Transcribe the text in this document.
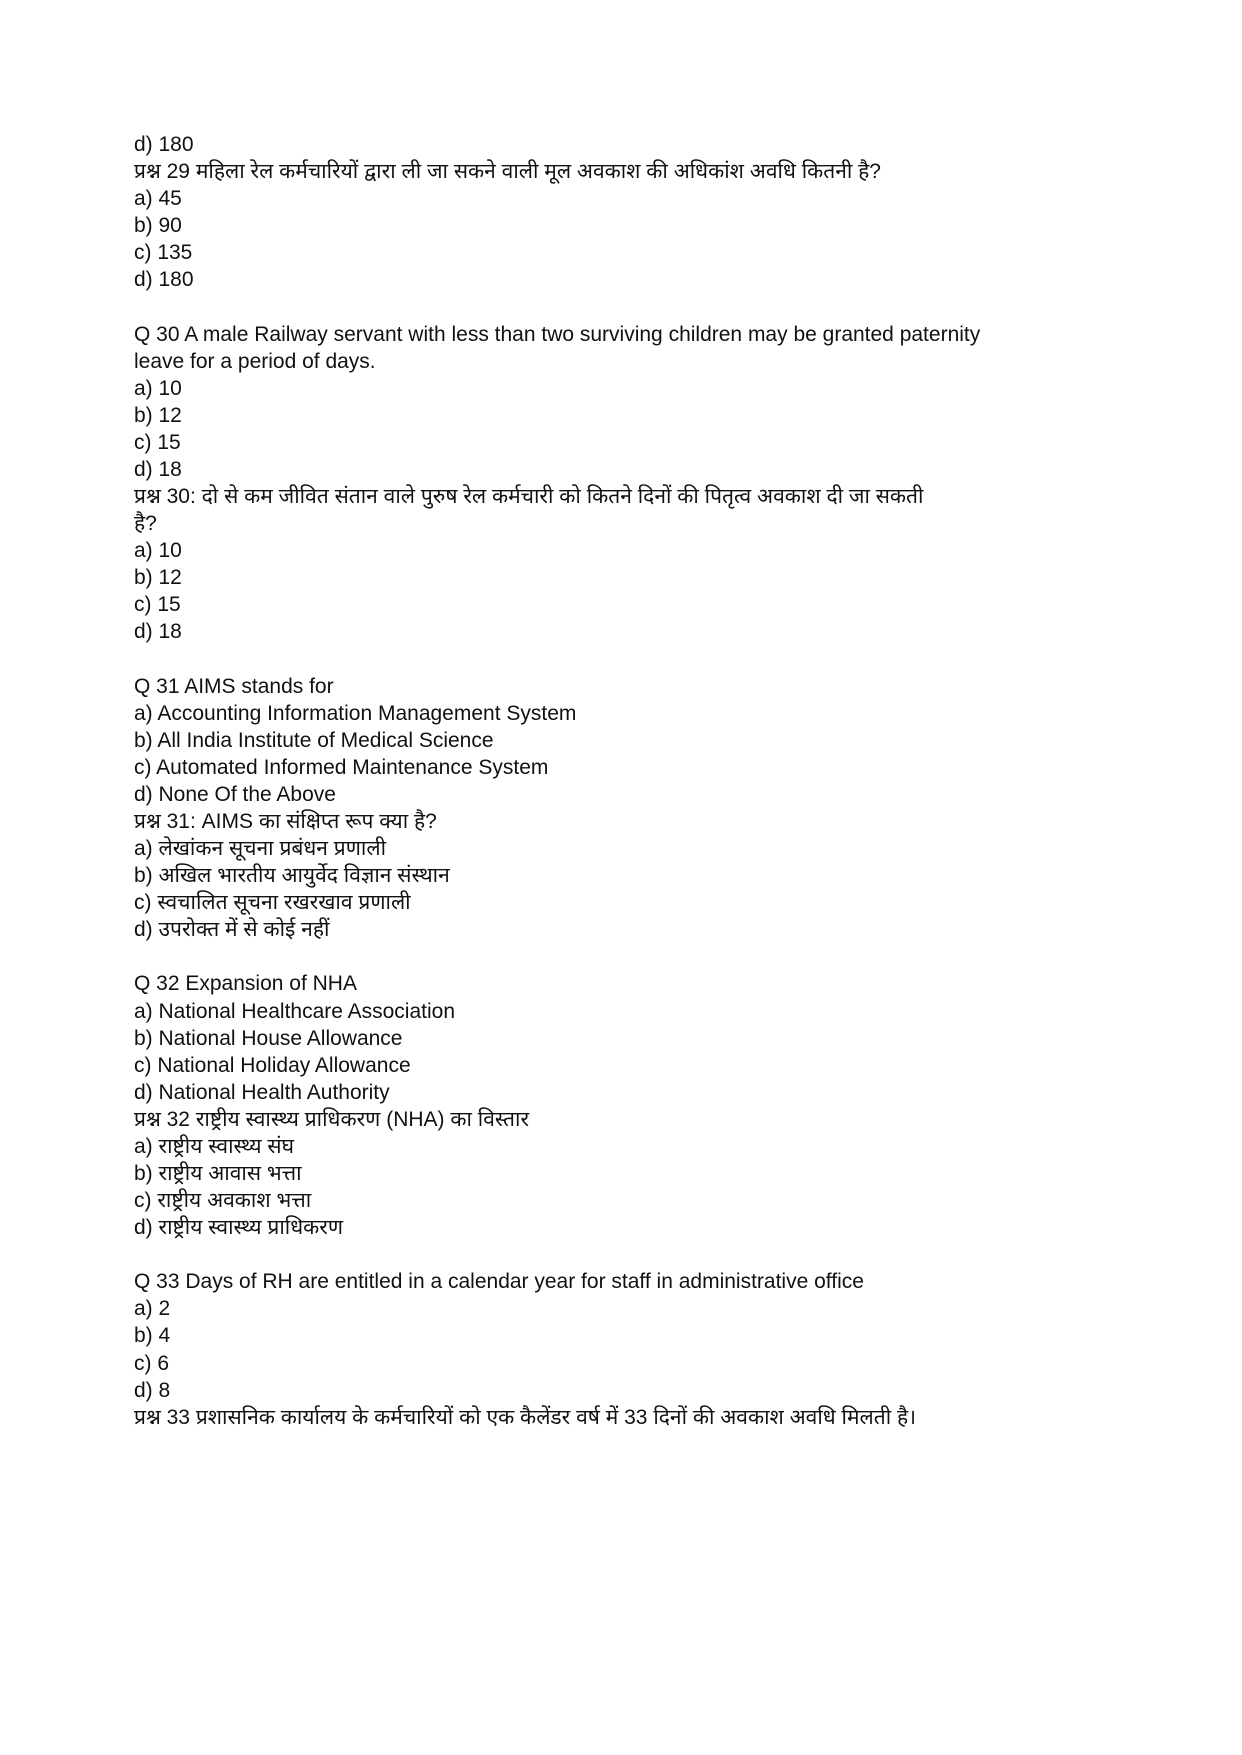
d) 180
प्रश्न 29 महिला रेल कर्मचारियों द्वारा ली जा सकने वाली मूल अवकाश की अधिकांश अवधि कितनी है?
a) 45
b) 90
c) 135
d) 180
Q 30 A male Railway servant with less than two surviving children may be granted paternity
leave for a period of days.
a) 10
b) 12
c) 15
d) 18
प्रश्न 30: दो से कम जीवित संतान वाले पुरुष रेल कर्मचारी को कितने दिनों की पितृत्व अवकाश दी जा सकती
है?
a) 10
b) 12
c) 15
d) 18
Q 31 AIMS stands for
a) Accounting Information Management System
b) All India Institute of Medical Science
c) Automated Informed Maintenance System
d) None Of the Above
प्रश्न 31: AIMS का संक्षिप्त रूप क्या है?
a) लेखांकन सूचना प्रबंधन प्रणाली
b) अखिल भारतीय आयुर्वेद विज्ञान संस्थान
c) स्वचालित सूचना रखरखाव प्रणाली
d) उपरोक्त में से कोई नहीं
Q 32 Expansion of NHA
a) National Healthcare Association
b) National House Allowance
c) National Holiday Allowance
d) National Health Authority
प्रश्न 32 राष्ट्रीय स्वास्थ्य प्राधिकरण (NHA) का विस्तार
a) राष्ट्रीय स्वास्थ्य संघ
b) राष्ट्रीय आवास भत्ता
c) राष्ट्रीय अवकाश भत्ता
d) राष्ट्रीय स्वास्थ्य प्राधिकरण
Q 33 Days of RH are entitled in a calendar year for staff in administrative office
a) 2
b) 4
c) 6
d) 8
प्रश्न 33 प्रशासनिक कार्यालय के कर्मचारियों को एक कैलेंडर वर्ष में 33 दिनों की अवकाश अवधि मिलती है।
